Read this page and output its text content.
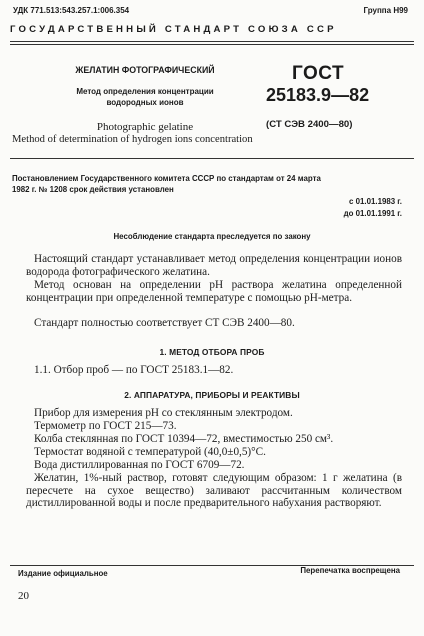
УДК 771.513:543.257.1:006.354	Группа Н99
ГОСУДАРСТВЕННЫЙ СТАНДАРТ СОЮЗА ССР
ЖЕЛАТИН ФОТОГРАФИЧЕСКИЙ
Метод определения концентрации
водородных ионов
Photographic gelatine
Method of determination of hydrogen ions concentration
ГОСТ
25183.9—82
(СТ СЭВ 2400—80)
Постановлением Государственного комитета СССР по стандартам от 24 марта
1982 г. № 1208 срок действия установлен
с 01.01.1983 г.
до 01.01.1991 г.
Несоблюдение стандарта преследуется по закону
Настоящий стандарт устанавливает метод определения концентрации ионов водорода фотографического желатина.
Метод основан на определении рН раствора желатина определенной концентрации при определенной температуре с помощью рН-метра.
Стандарт полностью соответствует СТ СЭВ 2400—80.
1. МЕТОД ОТБОРА ПРОБ
1.1. Отбор проб — по ГОСТ 25183.1—82.
2. АППАРАТУРА, ПРИБОРЫ И РЕАКТИВЫ
Прибор для измерения рН со стеклянным электродом.
Термометр по ГОСТ 215—73.
Колба стеклянная по ГОСТ 10394—72, вместимостью 250 см³.
Термостат водяной с температурой (40,0±0,5)°С.
Вода дистиллированная по ГОСТ 6709—72.
Желатин, 1%-ный раствор, готовят следующим образом: 1 г желатина (в пересчете на сухое вещество) заливают рассчитанным количеством дистиллированной воды и после предварительного набухания растворяют.
Издание официальное	Перепечатка воспрещена
20
